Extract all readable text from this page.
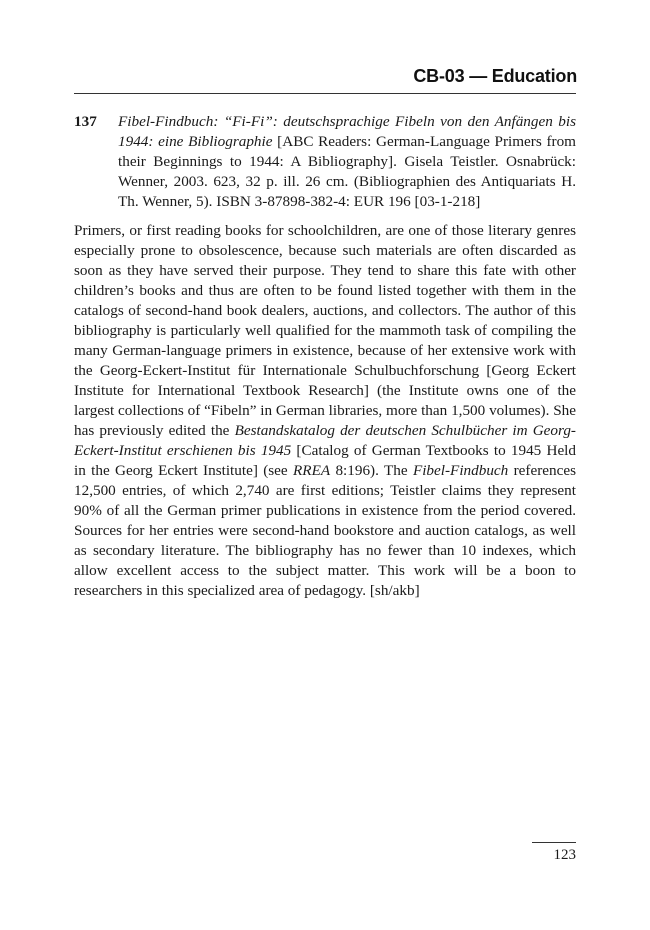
CB-03 — Education
137 Fibel-Findbuch: “Fi-Fi”: deutschsprachige Fibeln von den Anfängen bis 1944: eine Bibliographie [ABC Readers: German-Language Primers from their Beginnings to 1944: A Bibliography]. Gisela Teistler. Osnabrück: Wenner, 2003. 623, 32 p. ill. 26 cm. (Bibliographien des Antiquariats H. Th. Wenner, 5). ISBN 3-87898-382-4: EUR 196 [03-1-218]

Primers, or first reading books for schoolchildren, are one of those literary genres especially prone to obsolescence, because such materials are often discarded as soon as they have served their purpose. They tend to share this fate with other children’s books and thus are often to be found listed together with them in the catalogs of second-hand book dealers, auctions, and collectors. The author of this bibliography is particularly well qualified for the mammoth task of compiling the many German-language primers in existence, because of her extensive work with the Georg-Eckert-Institut für Internationale Schulbuchforschung [Georg Eckert Institute for International Textbook Research] (the Institute owns one of the largest collections of “Fibeln” in German libraries, more than 1,500 volumes). She has previously edited the Bestandskatalog der deutschen Schulbücher im Georg-Eckert-Institut erschienen bis 1945 [Catalog of German Textbooks to 1945 Held in the Georg Eckert Institute] (see RREA 8:196). The Fibel-Findbuch references 12,500 entries, of which 2,740 are first editions; Teistler claims they represent 90% of all the German primer publications in existence from the period covered. Sources for her entries were second-hand bookstore and auction catalogs, as well as secondary literature. The bibliography has no fewer than 10 indexes, which allow excellent access to the subject matter. This work will be a boon to researchers in this specialized area of pedagogy. [sh/akb]

123
